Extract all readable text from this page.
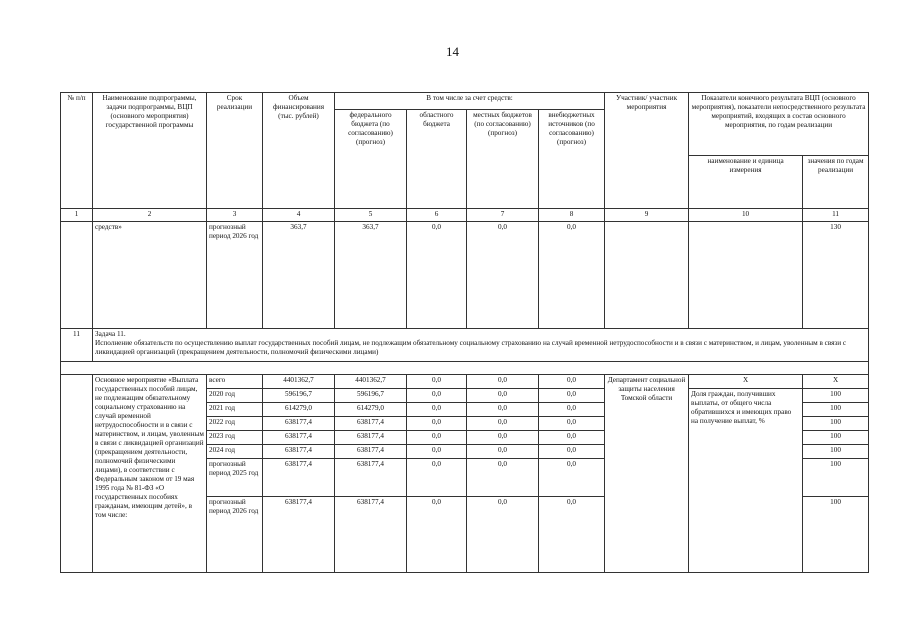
14
№ п/п	Наименование подпрограммы, задачи подпрограммы, ВЦП (основного мероприятия) государственной программы	Срок реализации	Объем финансирования (тыс. рублей)	В том числе за счет средств:				Участник/ участник мероприятия	Показатели конечного результата ВЦП (основного мероприятия), показатели непосредственного результата мероприятий, входящих в состав основного мероприятия, по годам реализации	
				федерального бюджета (по согласованию) (прогноз)	областного бюджета	местных бюджетов (по согласованию) (прогноз)	внебюджетных источников (по согласованию) (прогноз)			
									наименование и единица измерения	значения по годам реализации
1	2	3	4	5	6	7	8	9	10	11
	средств»	прогнозный период 2026 год	363,7	363,7	0,0	0,0	0,0			130
11	Задача 11.
Исполнение обязательств по осуществлению выплат государственных пособий лицам, не подлежащим обязательному социальному страхованию на случай временной нетрудоспособности и в связи с материнством, и лицам, уволенным в связи с ликвидацией организаций (прекращением деятельности, полномочий физическими лицами)									

	Основное мероприятие «Выплата государственных пособий лицам, не подлежащим обязательному социальному страхованию на случай временной нетрудоспособности и в связи с материнством, и лицам, уволенным в связи с ликвидацией организаций (прекращением деятельности, полномочий физическими лицами), в соответствии с Федеральным законом от 19 мая 1995 года № 81-ФЗ «О государственных пособиях гражданам, имеющим детей», в том числе:	всего	4401362,7	4401362,7	0,0	0,0	0,0	Департамент социальной защиты населения Томской области	X	X
		2020 год	596196,7	596196,7	0,0	0,0	0,0		Доля граждан, получивших выплаты, от общего числа обратившихся и имеющих право на получение выплат, %	100
		2021 год	614279,0	614279,0	0,0	0,0	0,0			100
		2022 год	638177,4	638177,4	0,0	0,0	0,0			100
		2023 год	638177,4	638177,4	0,0	0,0	0,0			100
		2024 год	638177,4	638177,4	0,0	0,0	0,0			100
		прогнозный период 2025 год	638177,4	638177,4	0,0	0,0	0,0			100
		прогнозный период 2026 год	638177,4	638177,4	0,0	0,0	0,0			100
